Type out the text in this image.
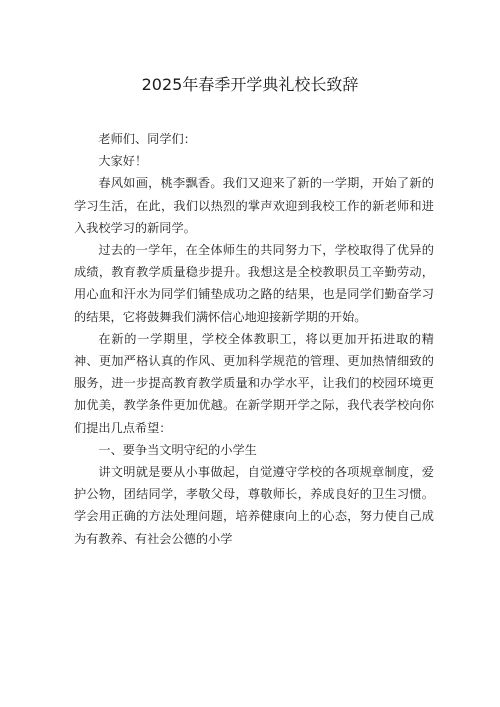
2025年春季开学典礼校长致辞

老师们、同学们：

大家好！

春风如画，桃李飘香。我们又迎来了新的一学期，开始了新的学习生活，在此，我们以热烈的掌声欢迎到我校工作的新老师和进入我校学习的新同学。

过去的一学年，在全体师生的共同努力下，学校取得了优异的成绩，教育教学质量稳步提升。我想这是全校教职员工辛勤劳动，用心血和汗水为同学们铺垫成功之路的结果，也是同学们勤奋学习的结果，它将鼓舞我们满怀信心地迎接新学期的开始。

在新的一学期里，学校全体教职工，将以更加开拓进取的精神、更加严格认真的作风、更加科学规范的管理、更加热情细致的服务，进一步提高教育教学质量和办学水平，让我们的校园环境更加优美，教学条件更加优越。在新学期开学之际，我代表学校向你们提出几点希望：

一、要争当文明守纪的小学生

讲文明就是要从小事做起，自觉遵守学校的各项规章制度，爱护公物，团结同学，孝敬父母，尊敬师长，养成良好的卫生习惯。学会用正确的方法处理问题，培养健康向上的心态，努力使自己成为有教养、有社会公德的小学
